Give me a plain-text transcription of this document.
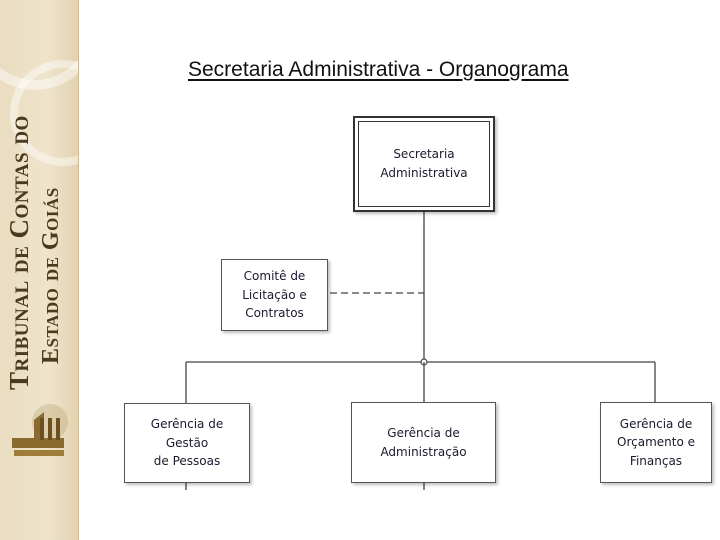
Tribunal de Contas do Estado de Goiás
Secretaria Administrativa - Organograma
Secretaria
Administrativa
Comitê de
Licitação e
Contratos
Gerência de Gestão
de Pessoas
Gerência de
Administração
Gerência de
Orçamento e
Finanças
